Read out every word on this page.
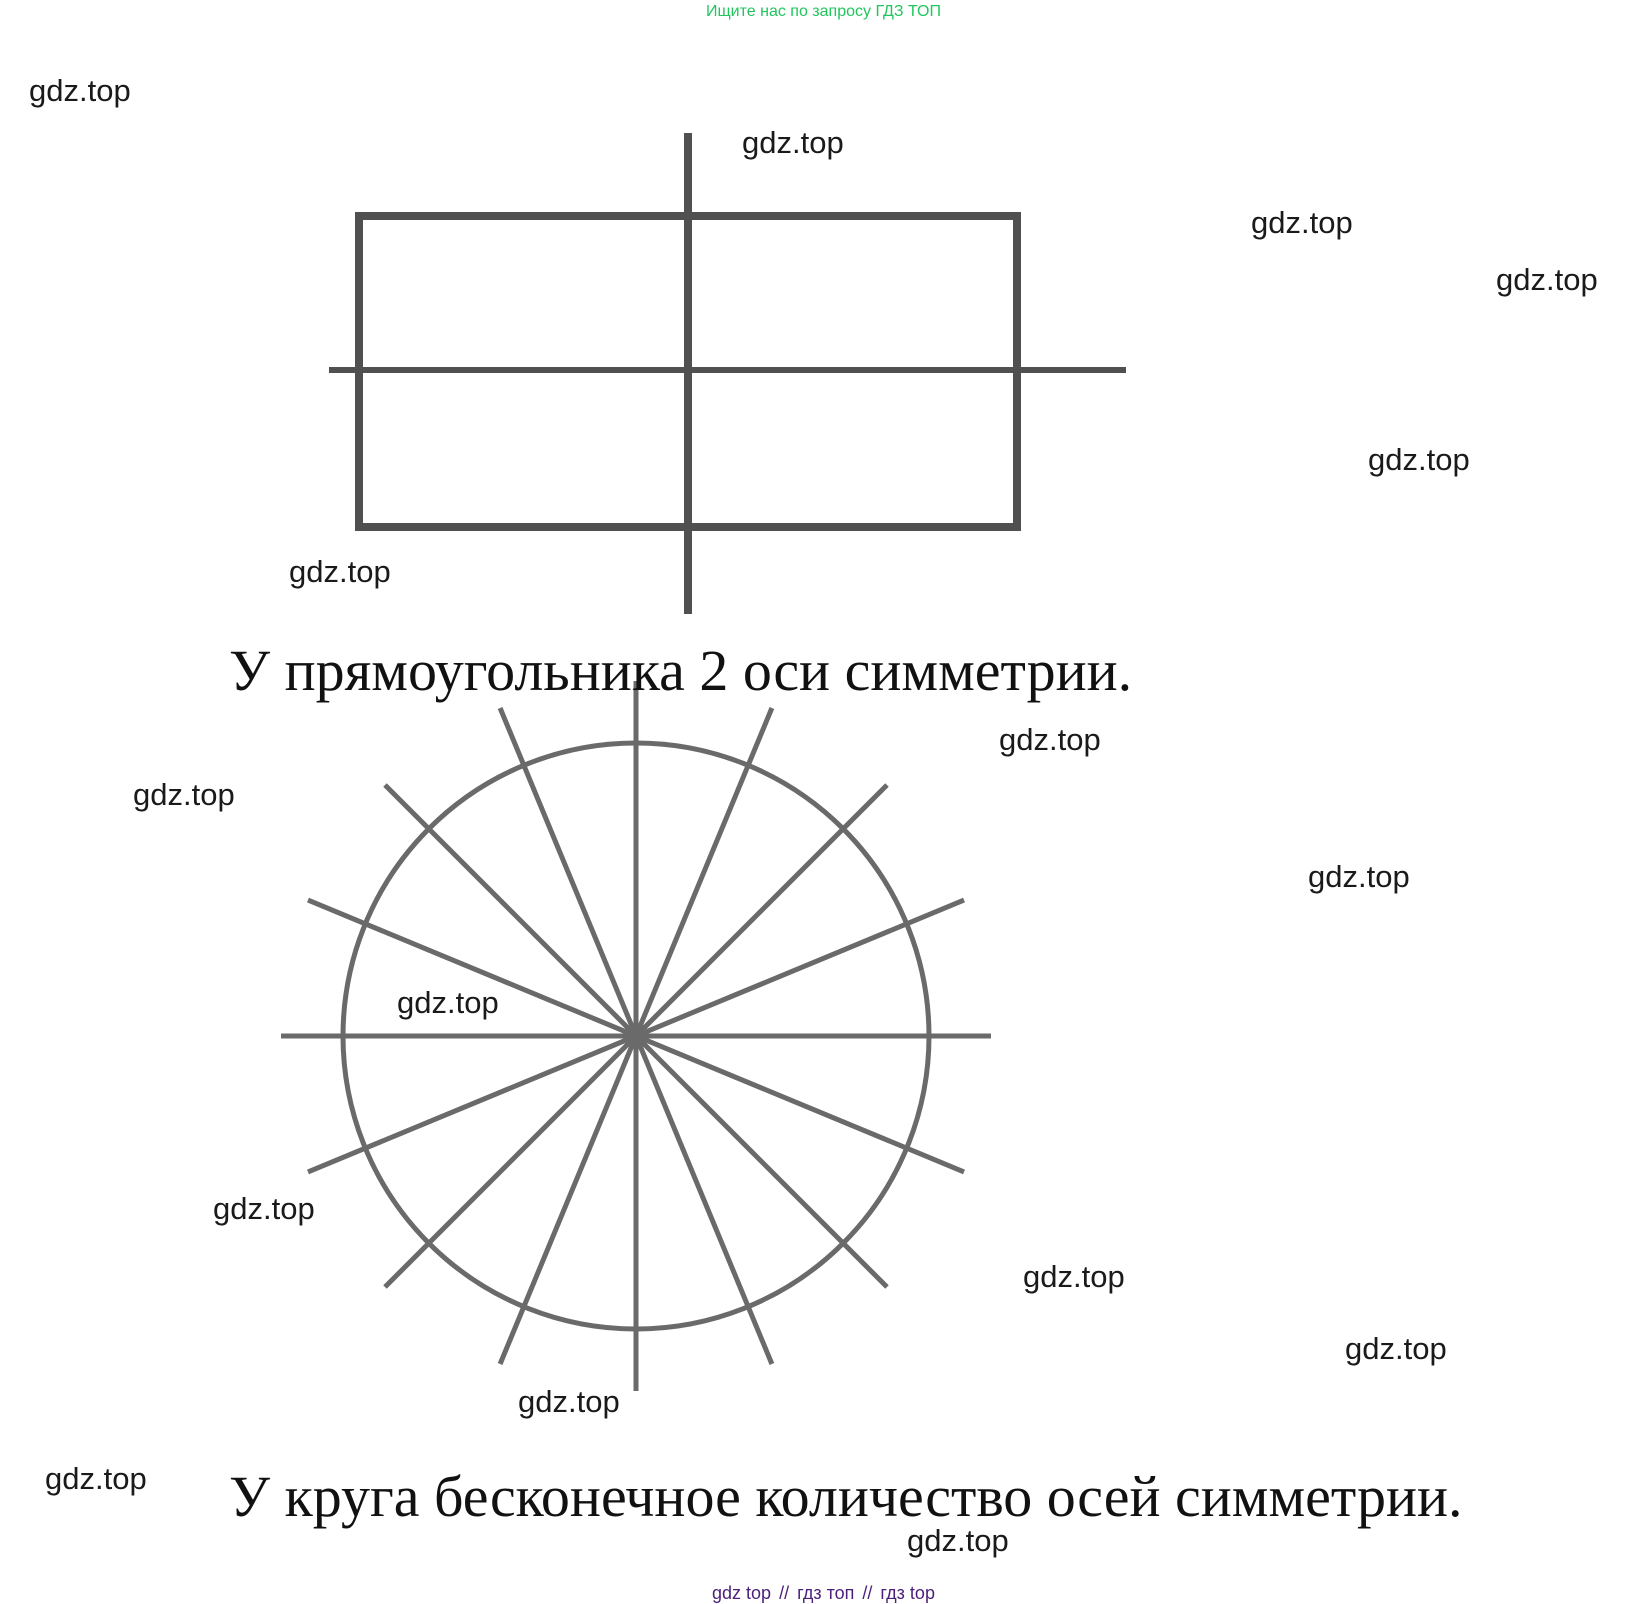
Ищите нас по запросу ГДЗ ТОП
gdz.top
gdz.top
gdz.top
gdz.top
gdz.top
gdz.top
gdz.top
gdz.top
gdz.top
gdz.top
gdz.top
gdz.top
gdz.top
gdz.top
gdz.top
gdz.top
У прямоугольника 2 оси симметрии.
У круга бесконечное количество осей симметрии.
gdz top // гдз топ // гдз top
